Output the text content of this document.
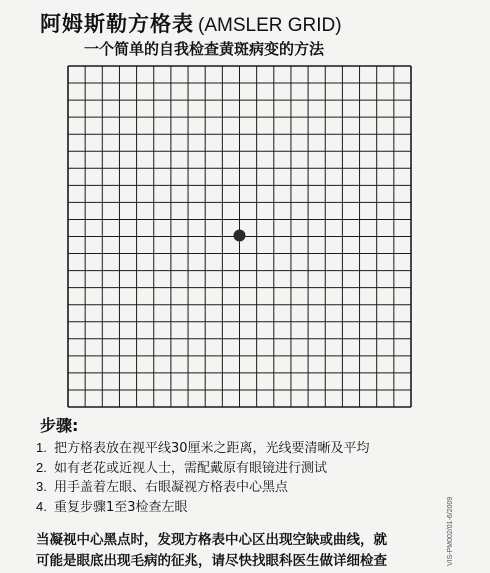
阿姆斯勒方格表 (AMSLER GRID)
一个简单的自我检查黄斑病变的方法
步骤:
1. 把方格表放在视平线30厘米之距离，光线要清晰及平均
2. 如有老花或近视人士，需配戴原有眼镜进行测试
3. 用手盖着左眼、右眼凝视方格表中心黑点
4. 重复步骤1至3检查左眼
当凝视中心黑点时，发现方格表中心区出现空缺或曲线，就
可能是眼底出现毛病的征兆，请尽快找眼科医生做详细检查	VIS-PM002/01-6/2009
